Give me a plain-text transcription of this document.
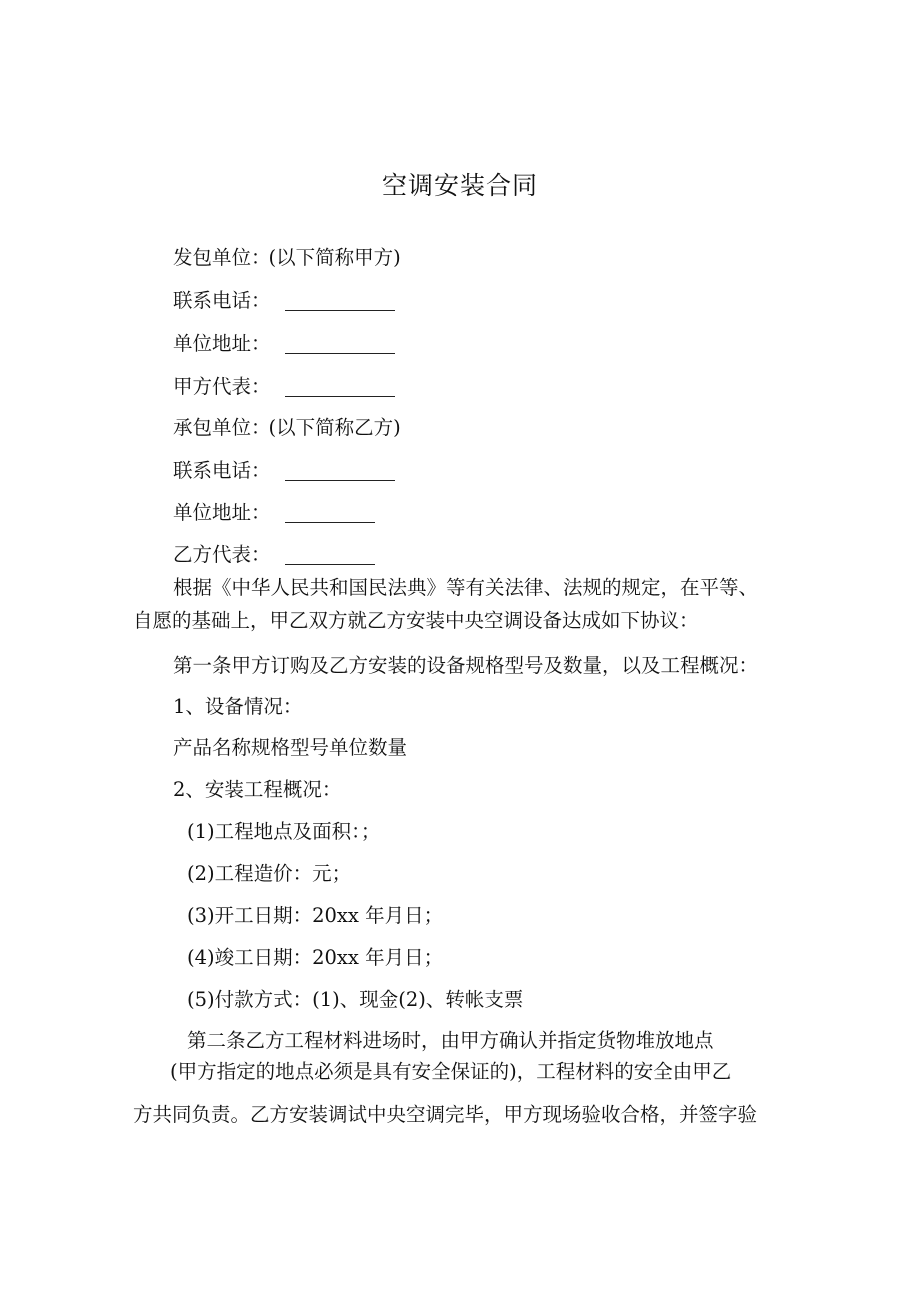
空调安装合同
发包单位：(以下简称甲方)
联系电话：
单位地址：
甲方代表：
承包单位：(以下简称乙方)
联系电话：
单位地址：
乙方代表：
根据《中华人民共和国民法典》等有关法律、法规的规定，在平等、
自愿的基础上，甲乙双方就乙方安装中央空调设备达成如下协议：
第一条甲方订购及乙方安装的设备规格型号及数量，以及工程概况：
1、设备情况：
产品名称规格型号单位数量
2、安装工程概况：
(1)工程地点及面积：；
(2)工程造价：元；
(3)开工日期：20xx 年月日；
(4)竣工日期：20xx 年月日；
(5)付款方式：(1)、现金(2)、转帐支票
第二条乙方工程材料进场时，由甲方确认并指定货物堆放地点
(甲方指定的地点必须是具有安全保证的)，工程材料的安全由甲乙
方共同负责。乙方安装调试中央空调完毕，甲方现场验收合格，并签字验
